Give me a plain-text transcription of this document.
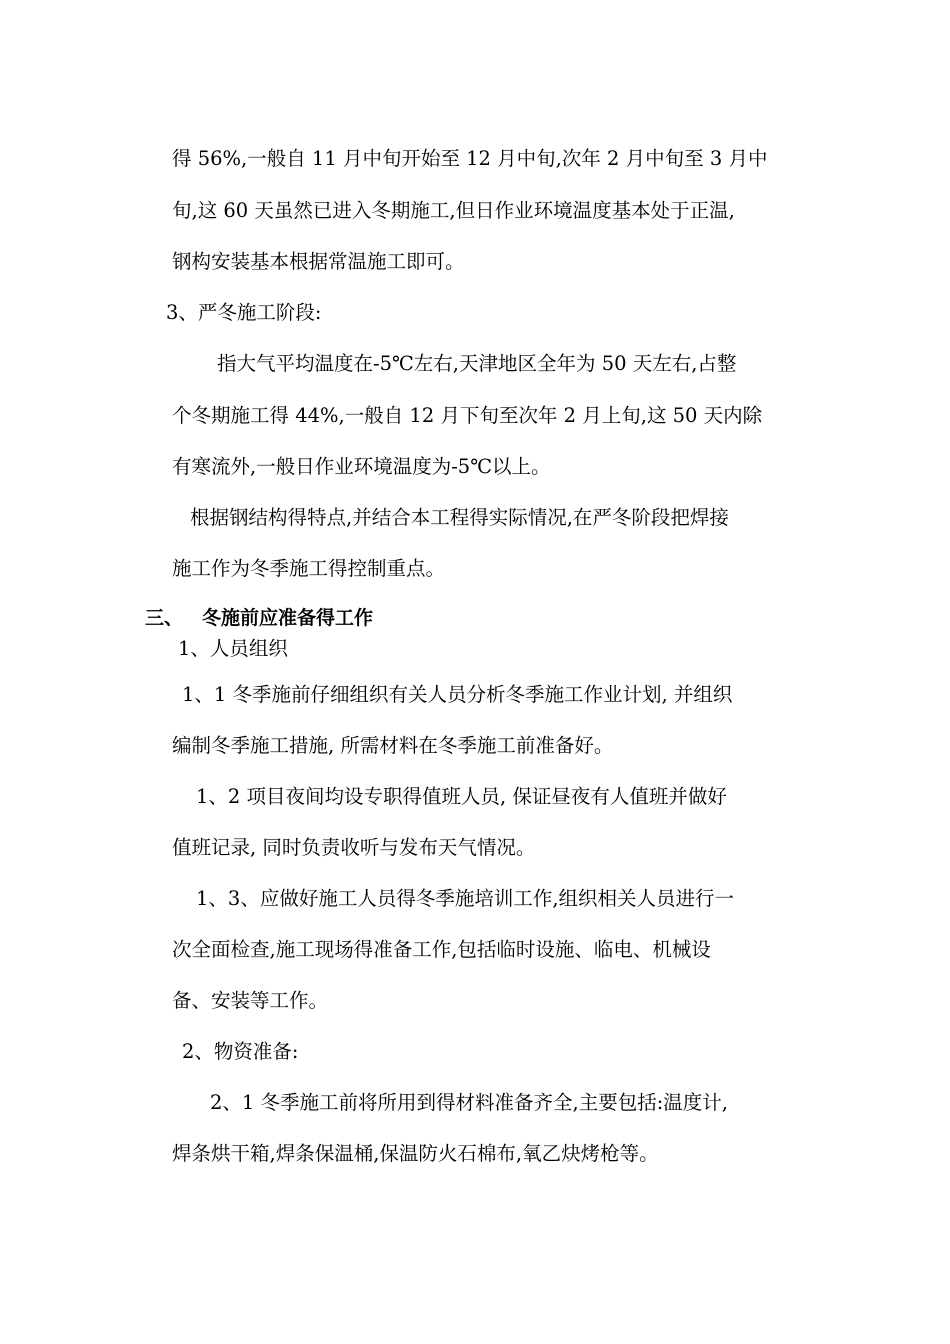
得 56%,一般自 11 月中旬开始至 12 月中旬,次年 2 月中旬至 3 月中

旬,这 60 天虽然已进入冬期施工,但日作业环境温度基本处于正温,

钢构安装基本根据常温施工即可。

3、严冬施工阶段:

指大气平均温度在-5℃左右,天津地区全年为 50 天左右,占整

个冬期施工得 44%,一般自 12 月下旬至次年 2 月上旬,这 50 天内除

有寒流外,一般日作业环境温度为-5℃以上。

根据钢结构得特点,并结合本工程得实际情况,在严冬阶段把焊接

施工作为冬季施工得控制重点。

三、 冬施前应准备得工作

1、人员组织

1、1 冬季施前仔细组织有关人员分析冬季施工作业计划, 并组织

编制冬季施工措施, 所需材料在冬季施工前准备好。

1、2 项目夜间均设专职得值班人员, 保证昼夜有人值班并做好

值班记录, 同时负责收听与发布天气情况。

1、3、应做好施工人员得冬季施培训工作,组织相关人员进行一

次全面检查,施工现场得准备工作,包括临时设施、临电、机械设

备、安装等工作。

2、物资准备:

2、1 冬季施工前将所用到得材料准备齐全,主要包括:温度计,

焊条烘干箱,焊条保温桶,保温防火石棉布,氧乙炔烤枪等。
